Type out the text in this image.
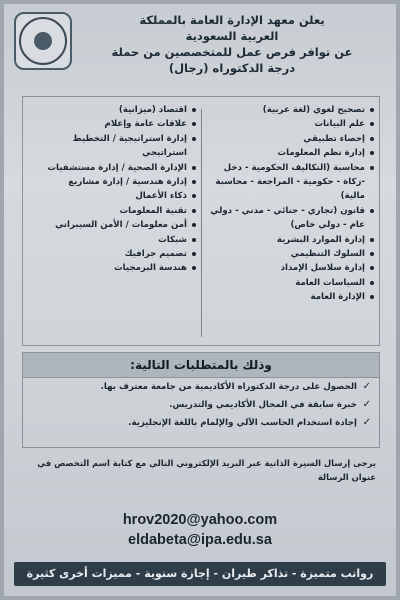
يعلن معهد الإدارة العامة بالمملكة
العربية السعودية
عن توافر فرص عمل للمتخصصين من حملة
درجة الدكتوراه (رجال)
تصحيح لغوي (لغة عربية)
علم البيانات
إحصاء تطبيقي
إدارة نظم المعلومات
محاسبة (التكاليف الحكومية - دخل -زكاة - حكومية - المراجعة - محاسبة مالية)
قانون (تجاري - جنائي - مدني - دولي عام - دولي خاص)
إدارة الموارد البشرية
السلوك التنظيمي
إدارة سلاسل الإمداد
السياسات العامة
الإدارة العامة
اقتصاد (ميزانية)
علاقات عامة وإعلام
إدارة استراتيجية / التخطيط استراتيجي
الإدارة الصحية / إدارة مستشفيات
إدارة هندسية / إدارة مشاريع
ذكاء الأعمال
تقنية المعلومات
أمن معلومات / الأمن السيبراني
شبكات
تصميم جرافيك
هندسة البرمجيات
وذلك بالمتطلبات التالية:
✓
الحصول على درجة الدكتوراه الأكاديمية من جامعة معترف بها.
✓
خبرة سابقة في المجال الأكاديمي والتدريس.
✓
إجادة استخدام الحاسب الآلي والإلمام باللغة الإنجليزية.
يرجى إرسال السيرة الذاتية عبر البريد الإلكتروني التالي مع كتابة اسم التخصص في عنوان الرسالة
hrov2020@yahoo.com
eldabeta@ipa.edu.sa
رواتب متميزة - تذاكر طيران - إجازة سنوية - مميزات أخرى كثيرة
